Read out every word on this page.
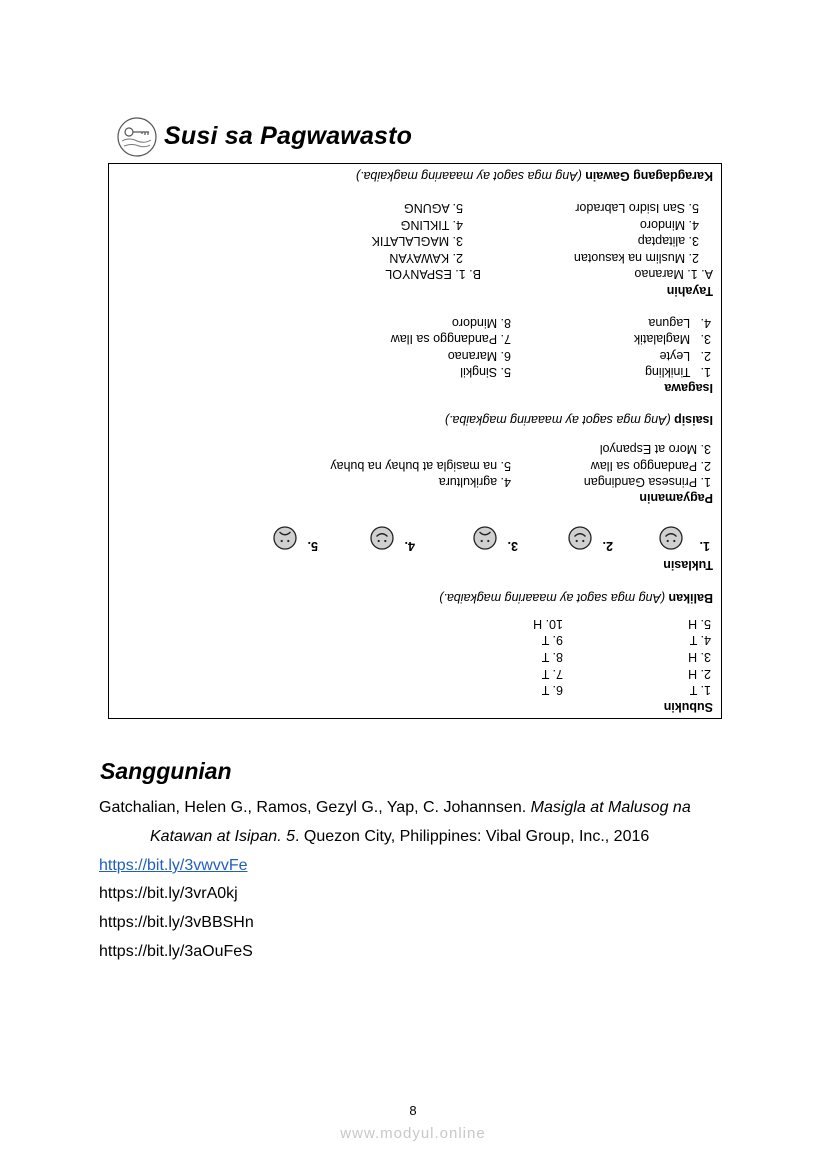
Susi sa Pagwawasto
Subukin
1. T
2. H
3. H
4. T
5. H
6. T
7. T
8. T
9. T
10. H
Balikan (Ang mga sagot ay maaaring magkaiba.)
Tuklasin
1.
2.
3.
4.
5.
Pagyamanin
1. Prinsesa Gandingan
2. Pandanggo sa Ilaw
3. Moro at Espanyol
4. agrikultura
5. na masigla at buhay na buhay
Isaisip (Ang mga sagot ay maaaring magkaiba.)
Isagawa
1.   Tinikling
2.   Leyte
3.   Maglalatik
4.   Laguna
5. Singkil
6. Maranao
7. Pandanggo sa Ilaw
8. Mindoro
Tayahin
A. 1. Maranao
2. Muslim na kasuotan
3. alitaptap
4. Mindoro
5. San Isidro Labrador
B. 1. ESPANYOL
2. KAWAYAN
3. MAGLALATIK
4. TIKLING
5. AGUNG
Karagdagang Gawain (Ang mga sagot ay maaaring magkaiba.)
Sanggunian
Gatchalian, Helen G., Ramos, Gezyl G., Yap, C. Johannsen. Masigla at Malusog na
Katawan at Isipan. 5. Quezon City, Philippines: Vibal Group, Inc., 2016
https://bit.ly/3vwvvFe
https://bit.ly/3vrA0kj
https://bit.ly/3vBBSHn
https://bit.ly/3aOuFeS
8
www.modyul.online
